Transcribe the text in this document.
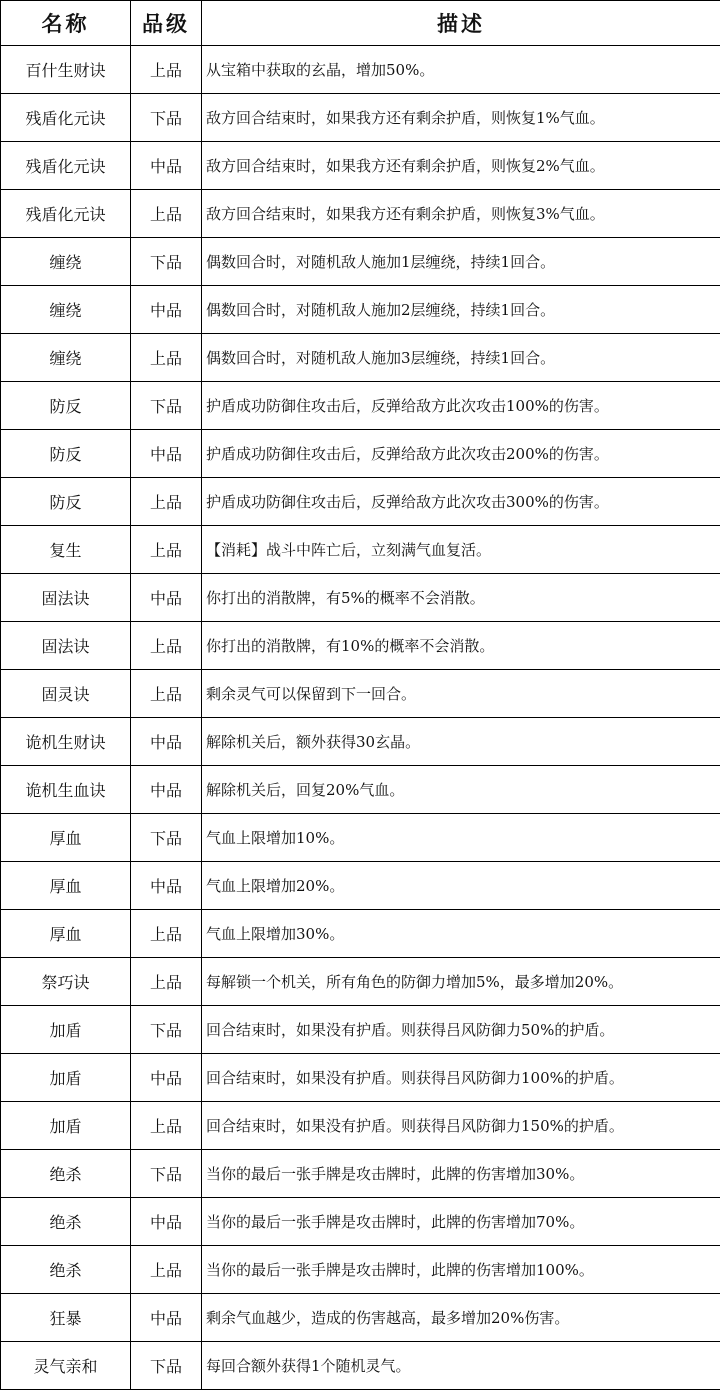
名称	品级	描述
百什生财诀	上品	从宝箱中获取的玄晶，增加50%。
残盾化元诀	下品	敌方回合结束时，如果我方还有剩余护盾，则恢复1%气血。
残盾化元诀	中品	敌方回合结束时，如果我方还有剩余护盾，则恢复2%气血。
残盾化元诀	上品	敌方回合结束时，如果我方还有剩余护盾，则恢复3%气血。
缠绕	下品	偶数回合时，对随机敌人施加1层缠绕，持续1回合。
缠绕	中品	偶数回合时，对随机敌人施加2层缠绕，持续1回合。
缠绕	上品	偶数回合时，对随机敌人施加3层缠绕，持续1回合。
防反	下品	护盾成功防御住攻击后，反弹给敌方此次攻击100%的伤害。
防反	中品	护盾成功防御住攻击后，反弹给敌方此次攻击200%的伤害。
防反	上品	护盾成功防御住攻击后，反弹给敌方此次攻击300%的伤害。
复生	上品	【消耗】战斗中阵亡后，立刻满气血复活。
固法诀	中品	你打出的消散牌，有5%的概率不会消散。
固法诀	上品	你打出的消散牌，有10%的概率不会消散。
固灵诀	上品	剩余灵气可以保留到下一回合。
诡机生财诀	中品	解除机关后，额外获得30玄晶。
诡机生血诀	中品	解除机关后，回复20%气血。
厚血	下品	气血上限增加10%。
厚血	中品	气血上限增加20%。
厚血	上品	气血上限增加30%。
祭巧诀	上品	每解锁一个机关，所有角色的防御力增加5%，最多增加20%。
加盾	下品	回合结束时，如果没有护盾。则获得吕风防御力50%的护盾。
加盾	中品	回合结束时，如果没有护盾。则获得吕风防御力100%的护盾。
加盾	上品	回合结束时，如果没有护盾。则获得吕风防御力150%的护盾。
绝杀	下品	当你的最后一张手牌是攻击牌时，此牌的伤害增加30%。
绝杀	中品	当你的最后一张手牌是攻击牌时，此牌的伤害增加70%。
绝杀	上品	当你的最后一张手牌是攻击牌时，此牌的伤害增加100%。
狂暴	中品	剩余气血越少，造成的伤害越高，最多增加20%伤害。
灵气亲和	下品	每回合额外获得1个随机灵气。
